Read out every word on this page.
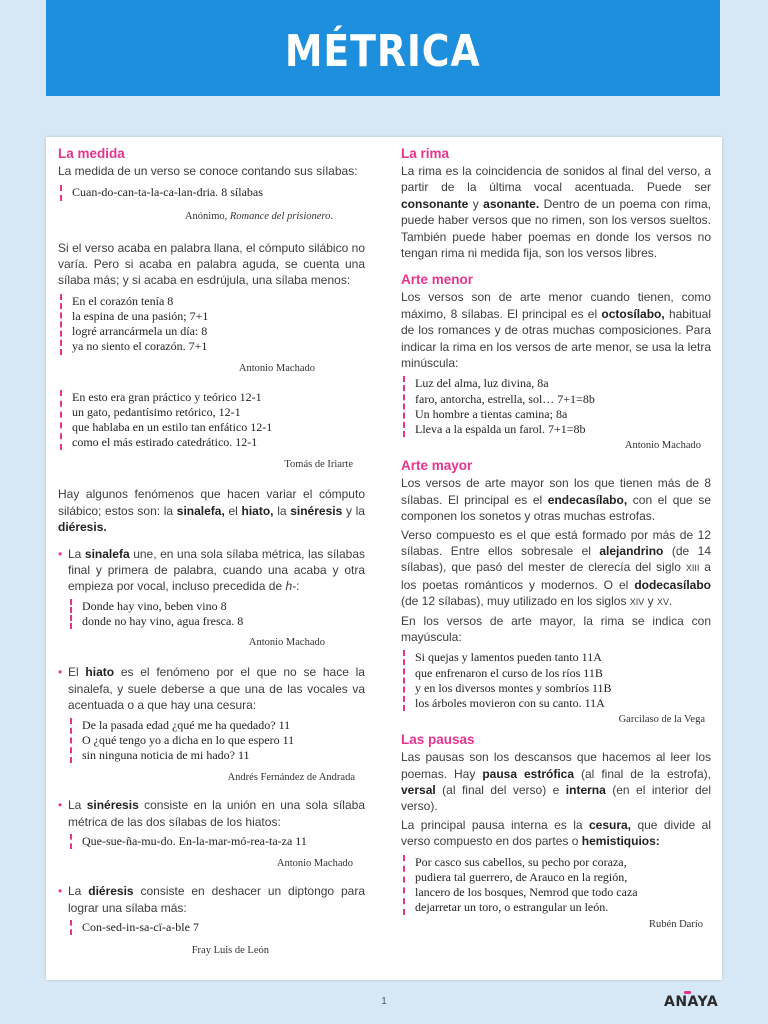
MÉTRICA
La medida

La medida de un verso se conoce contando sus sílabas:

Cuan-do-can-ta-la-ca-lan-dria. 8 sílabas
Anónimo, Romance del prisionero.

Si el verso acaba en palabra llana, el cómputo silábico no varía. Pero si acaba en palabra aguda, se cuenta una sílaba más; y si acaba en esdrújula, una sílaba menos:

En el corazón tenía 8
la espina de una pasión; 7+1
logré arrancármela un día: 8
ya no siento el corazón. 7+1
Antonio Machado
En esto era gran práctico y teórico 12-1
un gato, pedantísimo retórico, 12-1
que hablaba en un estilo tan enfático 12-1
como el más estirado catedrático. 12-1
Tomás de Iriarte

Hay algunos fenómenos que hacen variar el cómputo silábico; estos son: la sinalefa, el hiato, la sinéresis y la diéresis.

• La sinalefa une, en una sola sílaba métrica, las sílabas final y primera de palabra, cuando una acaba y otra empieza por vocal, incluso precedida de h-:

Donde hay vino, beben vino 8
donde no hay vino, agua fresca. 8
Antonio Machado
• El hiato es el fenómeno por el que no se hace la sinalefa, y suele deberse a que una de las vocales va acentuada o a que hay una cesura:

De la pasada edad ¿qué me ha quedado? 11
O ¿qué tengo yo a dicha en lo que espero 11
sin ninguna noticia de mi hado? 11
Andrés Fernández de Andrada
• La sinéresis consiste en la unión en una sola sílaba métrica de las dos sílabas de los hiatos:

Que-sue-ña-mu-do. En-la-mar-mó-rea-ta-za 11
Antonio Machado
• La diéresis consiste en deshacer un diptongo para lograr una sílaba más:

Con-sed-in-sa-cï-a-ble 7
Fray Luis de León
La rima

La rima es la coincidencia de sonidos al final del verso, a partir de la última vocal acentuada. Puede ser consonante y asonante. Dentro de un poema con rima, puede haber versos que no rimen, son los versos sueltos. También puede haber poemas en donde los versos no tengan rima ni medida fija, son los versos libres.

Arte menor

Los versos son de arte menor cuando tienen, como máximo, 8 sílabas. El principal es el octosílabo, habitual de los romances y de otras muchas composiciones. Para indicar la rima en los versos de arte menor, se usa la letra minúscula:

Luz del alma, luz divina, 8a
faro, antorcha, estrella, sol… 7+1=8b
Un hombre a tientas camina; 8a
Lleva a la espalda un farol. 7+1=8b
Antonio Machado
Arte mayor

Los versos de arte mayor son los que tienen más de 8 sílabas. El principal es el endecasílabo, con el que se componen los sonetos y otras muchas estrofas.

Verso compuesto es el que está formado por más de 12 sílabas. Entre ellos sobresale el alejandrino (de 14 sílabas), que pasó del mester de clerecía del siglo XIII a los poetas románticos y modernos. O el dodecasílabo (de 12 sílabas), muy utilizado en los siglos XIV y XV.

En los versos de arte mayor, la rima se indica con mayúscula:

Si quejas y lamentos pueden tanto 11A
que enfrenaron el curso de los ríos 11B
y en los diversos montes y sombríos 11B
los árboles movieron con su canto. 11A
Garcilaso de la Vega
Las pausas

Las pausas son los descansos que hacemos al leer los poemas. Hay pausa estrófica (al final de la estrofa), versal (al final del verso) e interna (en el interior del verso).

La principal pausa interna es la cesura, que divide al verso compuesto en dos partes o hemistiquios:

Por casco sus cabellos, su pecho por coraza,
pudiera tal guerrero, de Arauco en la región,
lancero de los bosques, Nemrod que todo caza
dejarretar un toro, o estrangular un león.
Rubén Darío
1	ANAYA
